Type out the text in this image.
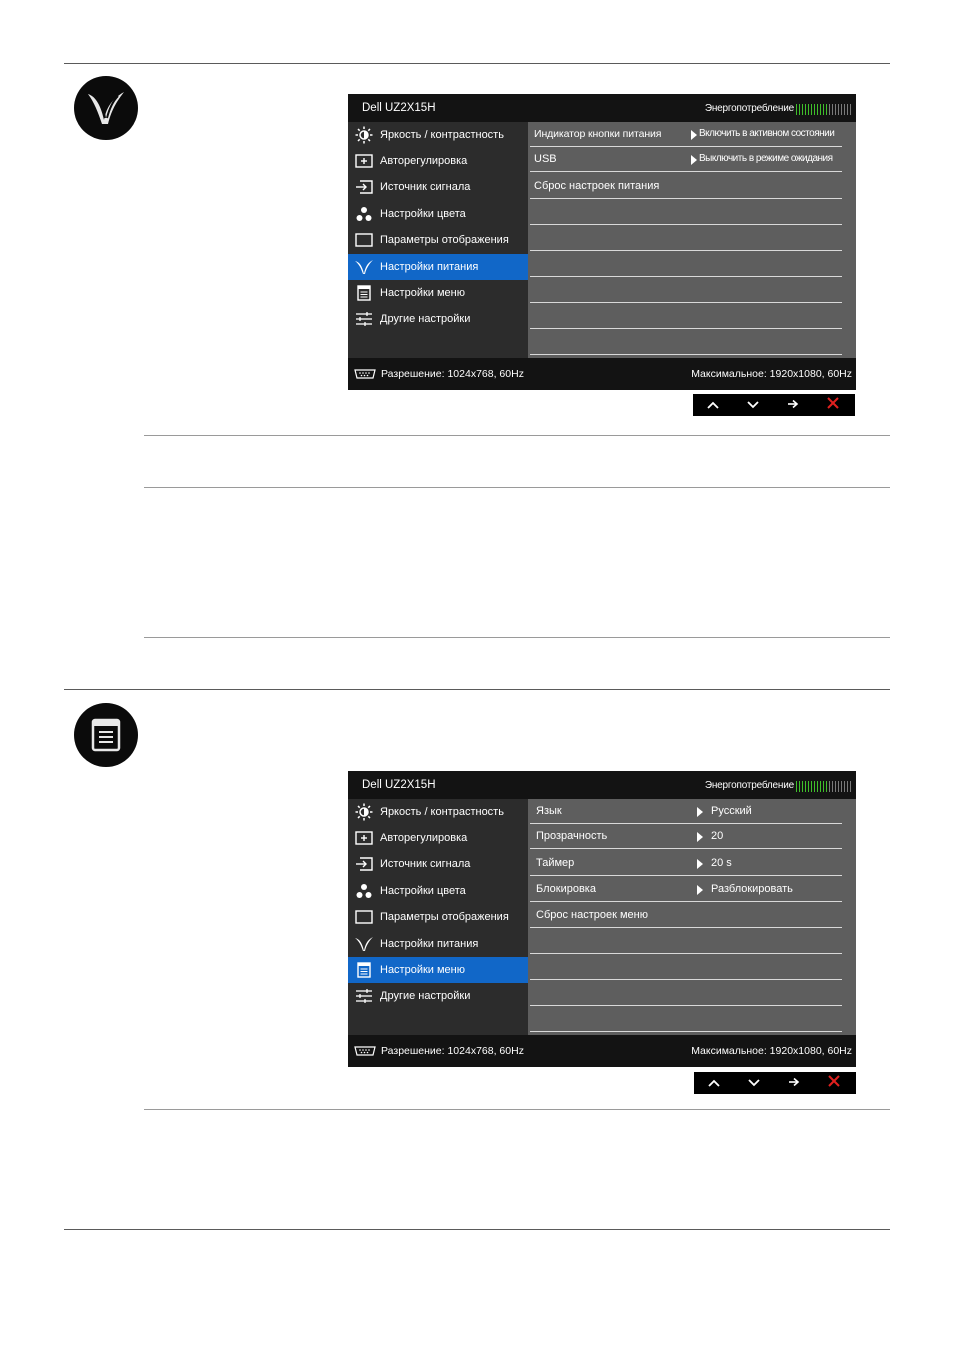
Dell UZ2X15H	Энергопотребление
Яркость / контрастность
Авторегулировка
Источник сигнала
Настройки цвета
Параметры отображения
Настройки питания
Настройки меню
Другие настройки
Индикатор кнопки питания	Включить в активном состоянии
USB	Выключить в режиме ожидания
Сброс настроек питания
Разрешение: 1024x768, 60Hz	Максимальное: 1920x1080, 60Hz
Dell UZ2X15H	Энергопотребление
Яркость / контрастность
Авторегулировка
Источник сигнала
Настройки цвета
Параметры отображения
Настройки питания
Настройки меню
Другие настройки
Язык	Русский
Прозрачность	20
Таймер	20 s
Блокировка	Разблокировать
Сброс настроек меню
Разрешение: 1024x768, 60Hz	Максимальное: 1920x1080, 60Hz
